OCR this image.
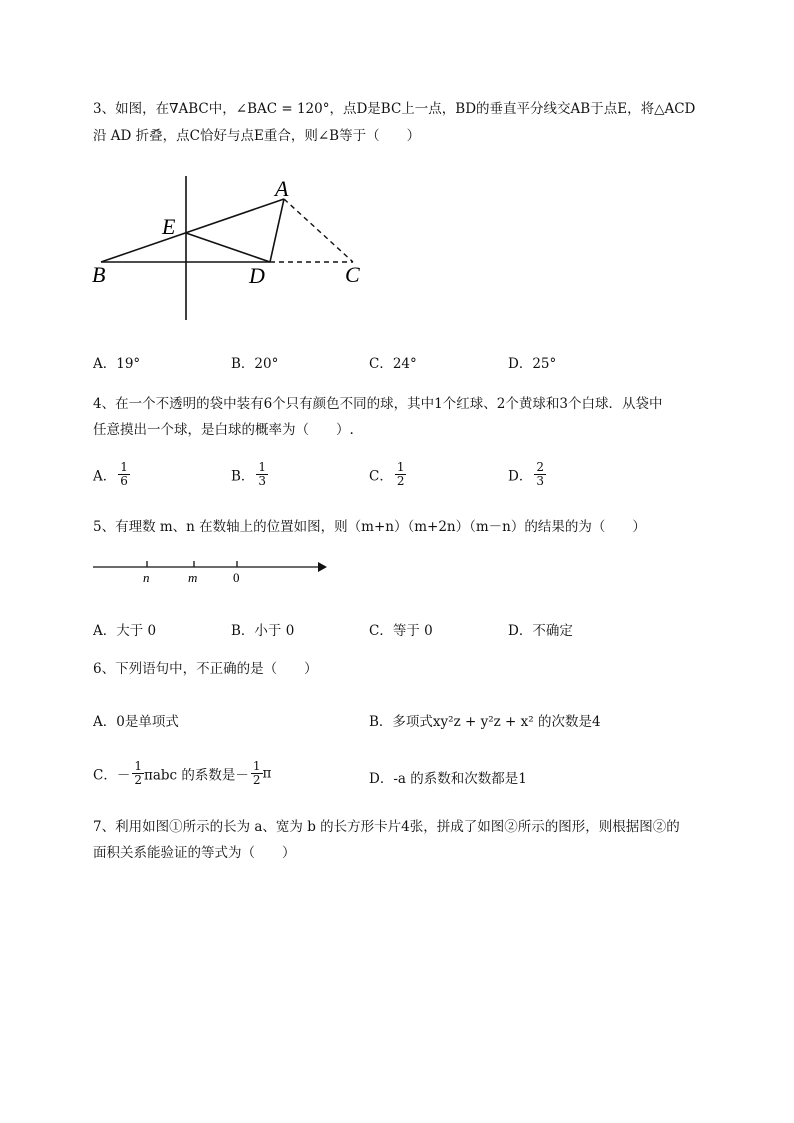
3、如图，在∇ABC中，∠BAC = 120°，点D是BC上一点，BD的垂直平分线交AB于点E，将△ACD
沿 AD 折叠，点C恰好与点E重合，则∠B等于（　　）
A
E
B	D	C
A．19°	B．20°	C．24°	D．25°
4、在一个不透明的袋中装有6个只有颜色不同的球，其中1个红球、2个黄球和3个白球．从袋中
任意摸出一个球，是白球的概率为（　　）.
A． $\frac{1}{6}$	B． $\frac{1}{3}$	C． $\frac{1}{2}$	D． $\frac{2}{3}$
5、有理数 m、n 在数轴上的位置如图，则（m+n）（m+2n）（m－n）的结果的为（　　）
n	m	0
A．大于 0	B．小于 0	C．等于 0	D．不确定
6、下列语句中，不正确的是（　　）
A．0是单项式	B．多项式xy²z + y²z + x² 的次数是4
C．－ $\frac{1}{2}$ πabc 的系数是－ $\frac{1}{2}$ π	D．-a 的系数和次数都是1
7、利用如图①所示的长为 a、宽为 b 的长方形卡片4张，拼成了如图②所示的图形，则根据图②的
面积关系能验证的等式为（　　）
